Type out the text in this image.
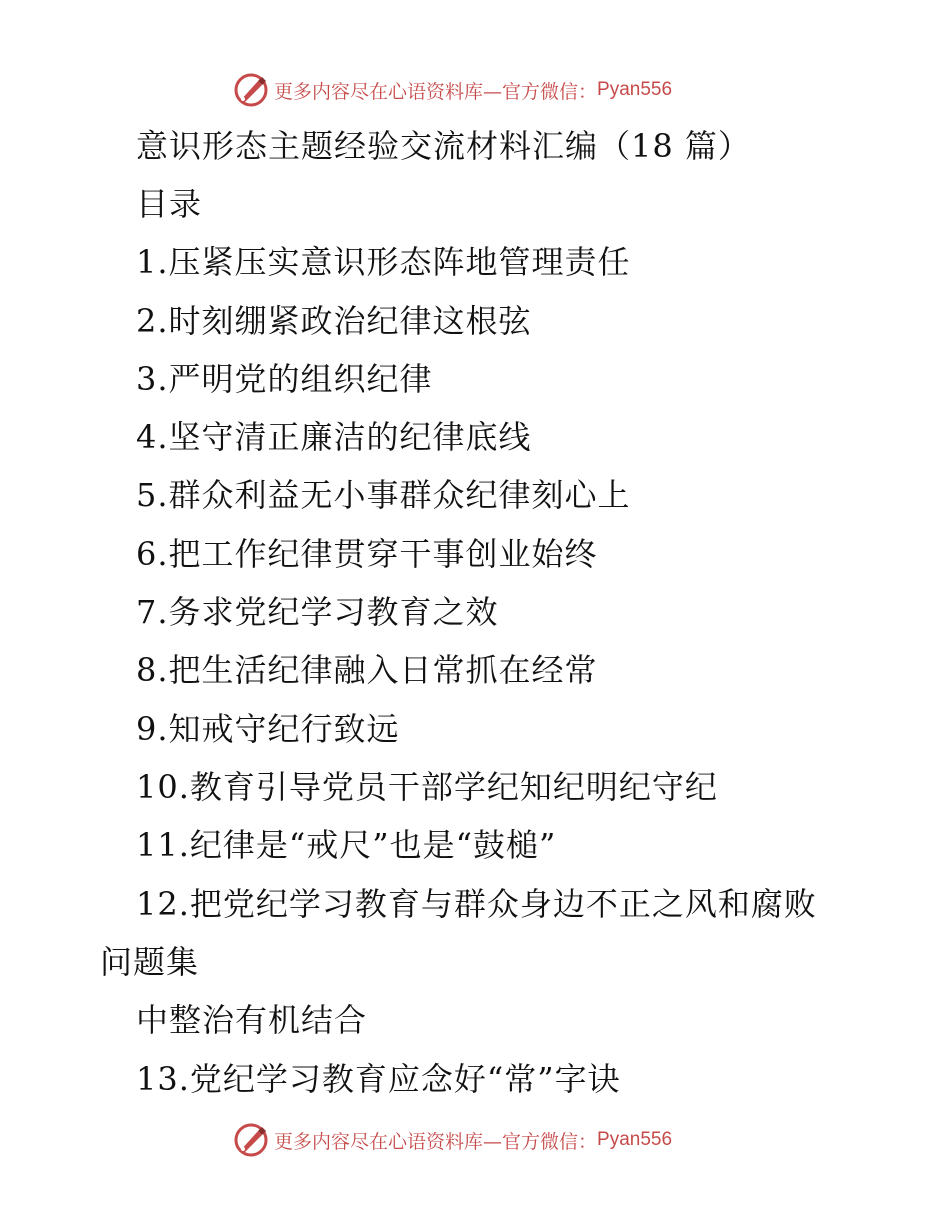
更多内容尽在心语资料库—官方微信： Pyan556
意识形态主题经验交流材料汇编（18 篇）
目录
1.压紧压实意识形态阵地管理责任
2.时刻绷紧政治纪律这根弦
3.严明党的组织纪律
4.坚守清正廉洁的纪律底线
5.群众利益无小事群众纪律刻心上
6.把工作纪律贯穿干事创业始终
7.务求党纪学习教育之效
8.把生活纪律融入日常抓在经常
9.知戒守纪行致远
10.教育引导党员干部学纪知纪明纪守纪
11.纪律是“戒尺”也是“鼓槌”
12.把党纪学习教育与群众身边不正之风和腐败
问题集
中整治有机结合
13.党纪学习教育应念好“常”字诀
更多内容尽在心语资料库—官方微信： Pyan556
